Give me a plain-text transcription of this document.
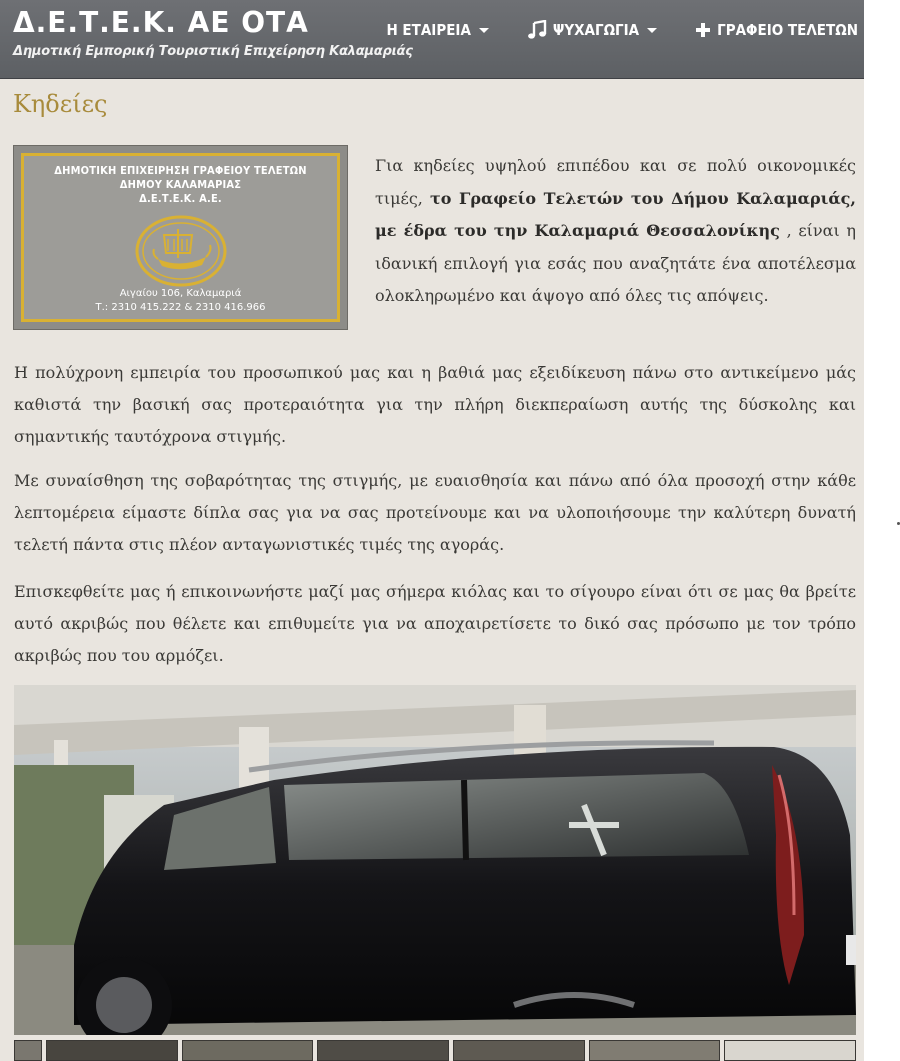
Δ.Ε.Τ.Ε.Κ. ΑΕ ΟΤΑ
Δημοτική Εμπορική Τουριστική Επιχείρηση Καλαμαριάς
Η ΕΤΑΙΡΕΙΑ	ΨΥΧΑΓΩΓΙΑ	ΓΡΑΦΕΙΟ ΤΕΛΕΤΩΝ
Κηδείες
ΔΗΜΟΤΙΚΗ ΕΠΙΧΕΙΡΗΣΗ ΓΡΑΦΕΙΟΥ ΤΕΛΕΤΩΝ
ΔΗΜΟΥ ΚΑΛΑΜΑΡΙΑΣ
Δ.Ε.Τ.Ε.Κ. Α.Ε.
Αιγαίου 106, Καλαμαριά
Τ.: 2310 415.222 & 2310 416.966

Για κηδείες υψηλού επιπέδου και σε πολύ οικονομικές τιμές, το Γραφείο Τελετών του Δήμου Καλαμαριάς, με έδρα του την Καλαμαριά Θεσσαλονίκης , είναι η ιδανική επιλογή για εσάς που αναζητάτε ένα αποτέλεσμα ολοκληρωμένο και άψογο από όλες τις απόψεις.

Η πολύχρονη εμπειρία του προσωπικού μας και η βαθιά μας εξειδίκευση πάνω στο αντικείμενο μάς καθιστά την βασική σας προτεραιότητα για την πλήρη διεκπεραίωση αυτής της δύσκολης και σημαντικής ταυτόχρονα στιγμής.

Με συναίσθηση της σοβαρότητας της στιγμής, με ευαισθησία και πάνω από όλα προσοχή στην κάθε λεπτομέρεια είμαστε δίπλα σας για να σας προτείνουμε και να υλοποιήσουμε την καλύτερη δυνατή τελετή πάντα στις πλέον ανταγωνιστικές τιμές της αγοράς.

Επισκεφθείτε μας ή επικοινωνήστε μαζί μας σήμερα κιόλας και το σίγουρο είναι ότι σε μας θα βρείτε αυτό ακριβώς που θέλετε και επιθυμείτε για να αποχαιρετίσετε το δικό σας πρόσωπο με τον τρόπο ακριβώς που του αρμόζει.
